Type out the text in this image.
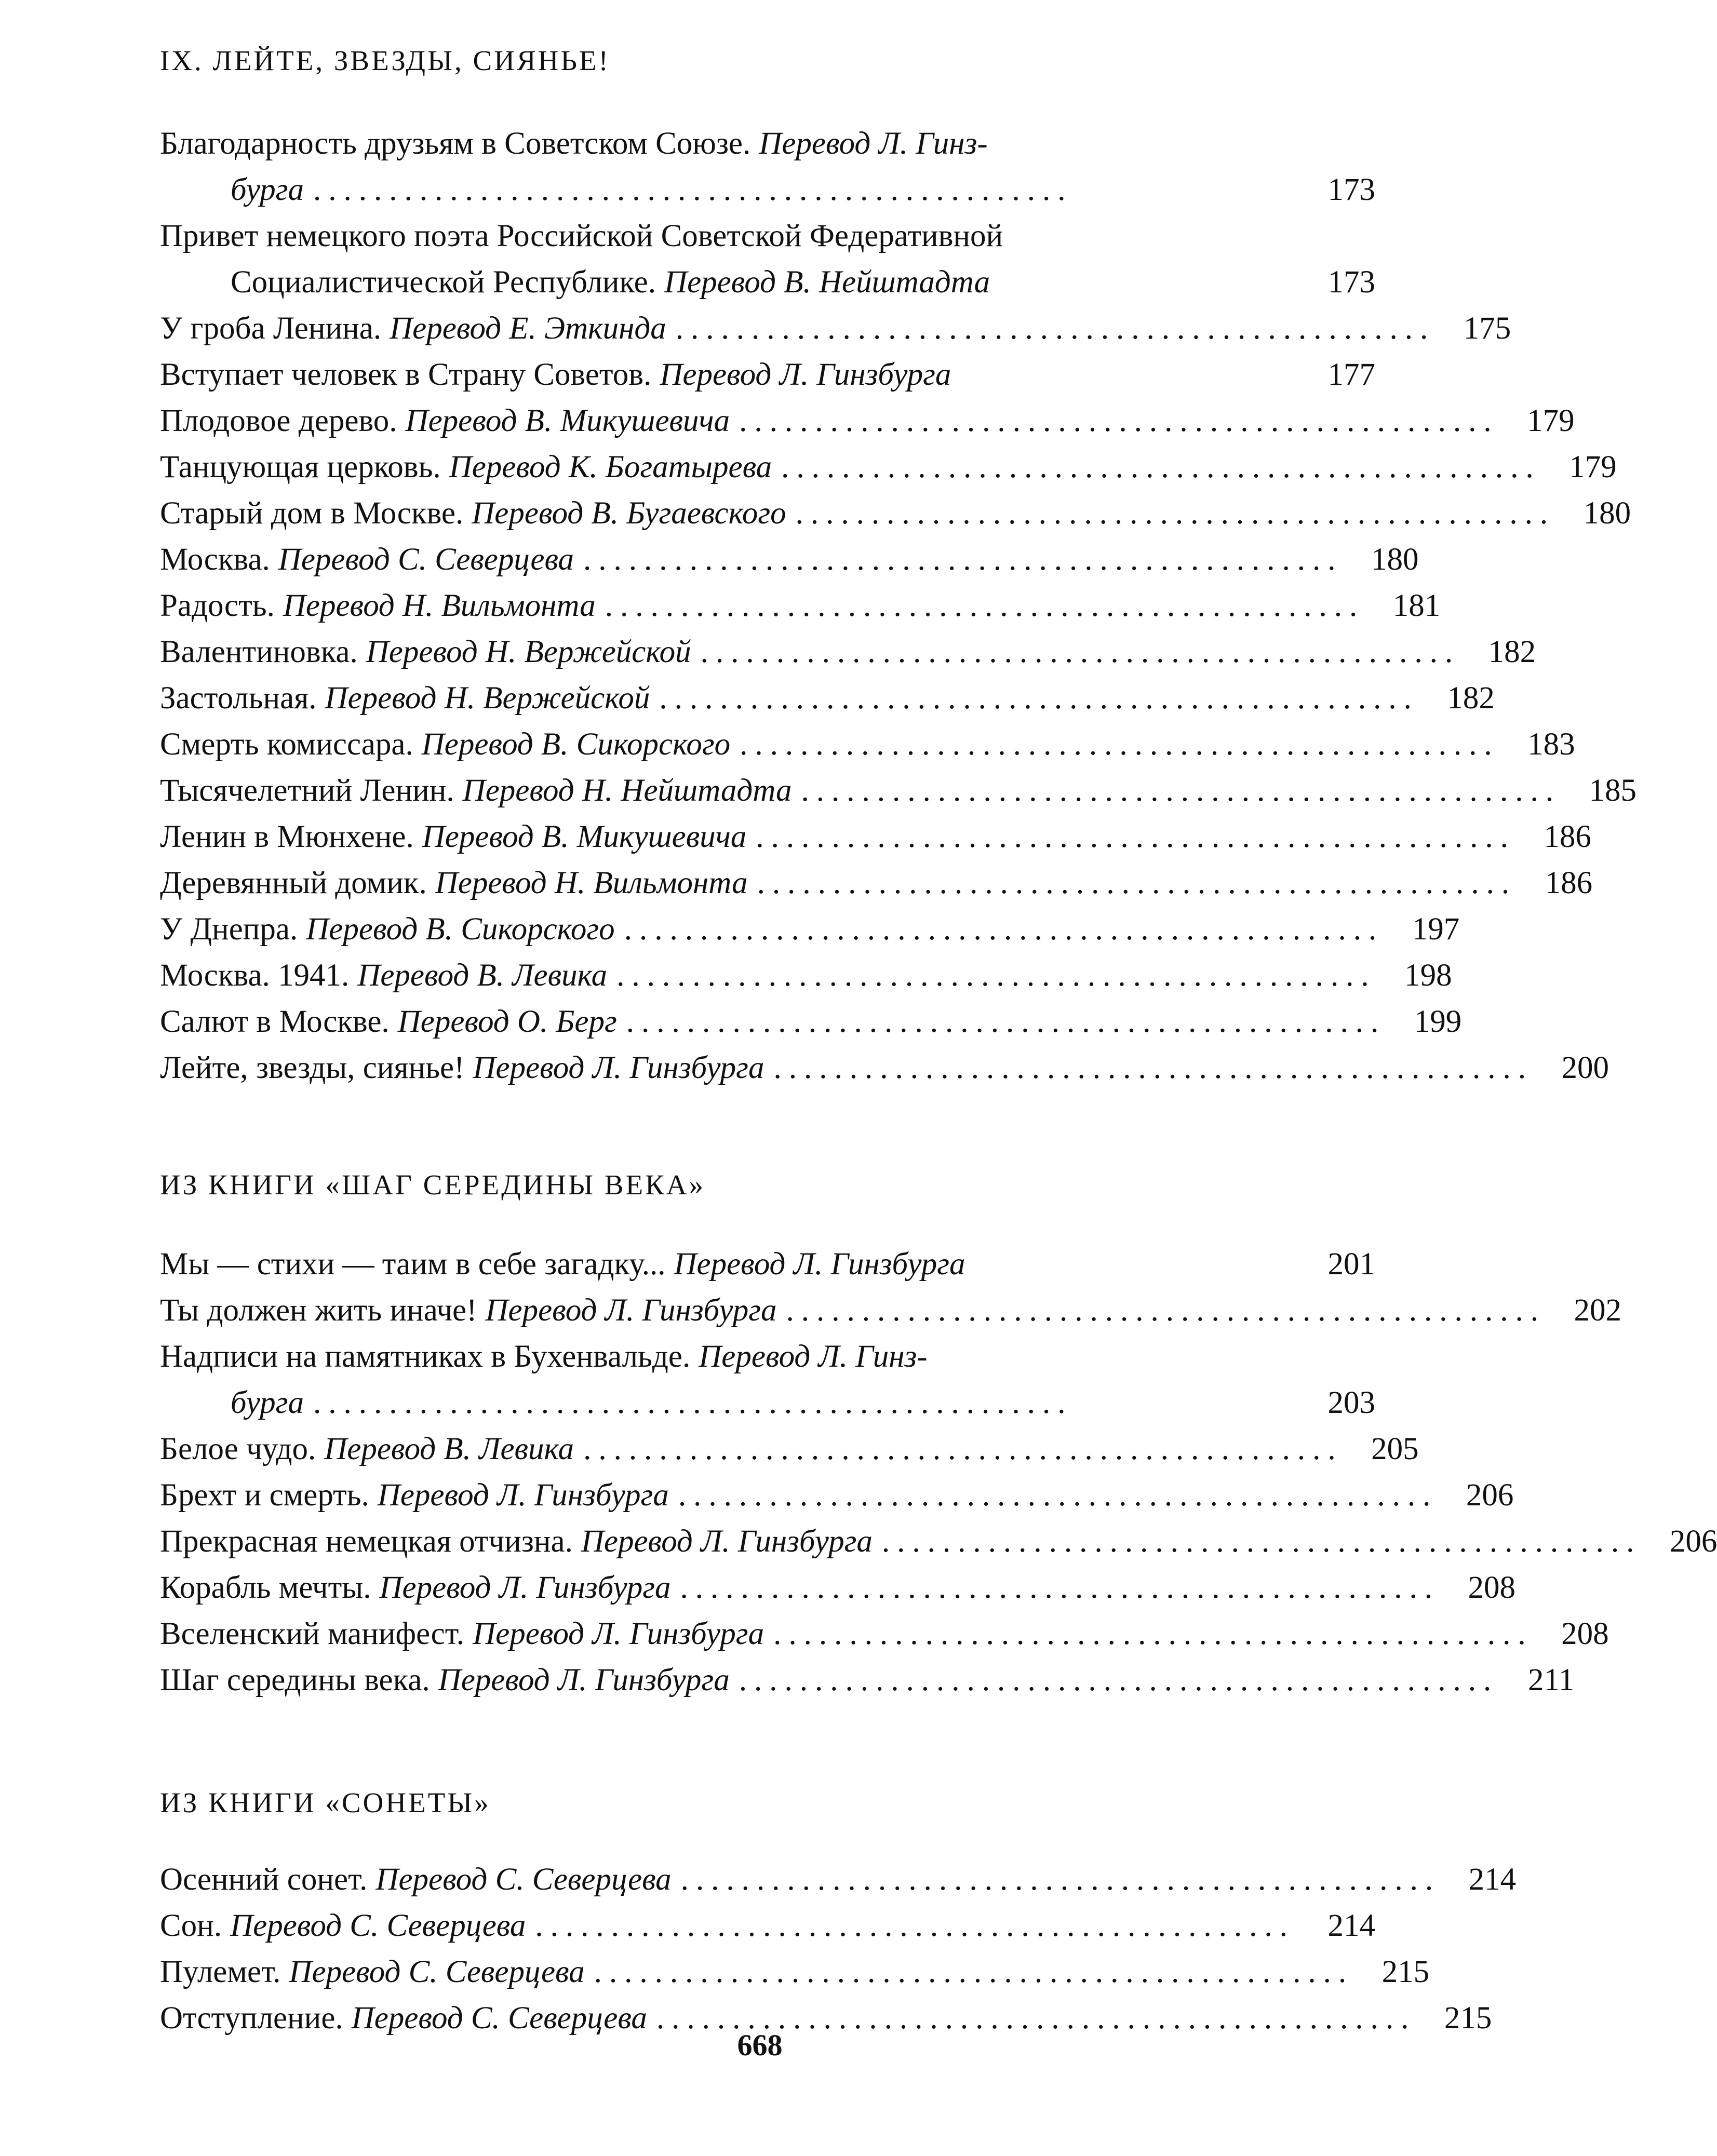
IX. ЛЕЙТЕ, ЗВЕЗДЫ, СИЯНЬЕ!
Благодарность друзьям в Советском Союзе. Перевод Л. Гинз-
бурга ..................................................	173
Привет немецкого поэта Российской Советской Федеративной
Социалистической Республике. Перевод В. Нейштадта	173
У гроба Ленина. Перевод Е. Эткинда .................................................. 175
Вступает человек в Страну Советов. Перевод Л. Гинзбурга	177
Плодовое дерево. Перевод В. Микушевича .................................................. 179
Танцующая церковь. Перевод К. Богатырева .................................................. 179
Старый дом в Москве. Перевод В. Бугаевского .................................................. 180
Москва. Перевод С. Северцева .................................................. 180
Радость. Перевод Н. Вильмонта .................................................. 181
Валентиновка. Перевод Н. Вержейской .................................................. 182
Застольная. Перевод Н. Вержейской .................................................. 182
Смерть комиссара. Перевод В. Сикорского .................................................. 183
Тысячелетний Ленин. Перевод Н. Нейштадта .................................................. 185
Ленин в Мюнхене. Перевод В. Микушевича .................................................. 186
Деревянный домик. Перевод Н. Вильмонта .................................................. 186
У Днепра. Перевод В. Сикорского .................................................. 197
Москва. 1941. Перевод В. Левика .................................................. 198
Салют в Москве. Перевод О. Берг .................................................. 199
Лейте, звезды, сиянье! Перевод Л. Гинзбурга .................................................. 200
ИЗ КНИГИ «ШАГ СЕРЕДИНЫ ВЕКА»
Мы — стихи — таим в себе загадку... Перевод Л. Гинзбурга	201
Ты должен жить иначе! Перевод Л. Гинзбурга .................................................. 202
Надписи на памятниках в Бухенвальде. Перевод Л. Гинз-
бурга ..................................................	203
Белое чудо. Перевод В. Левика .................................................. 205
Брехт и смерть. Перевод Л. Гинзбурга .................................................. 206
Прекрасная немецкая отчизна. Перевод Л. Гинзбурга .................................................. 206
Корабль мечты. Перевод Л. Гинзбурга .................................................. 208
Вселенский манифест. Перевод Л. Гинзбурга .................................................. 208
Шаг середины века. Перевод Л. Гинзбурга .................................................. 211
ИЗ КНИГИ «СОНЕТЫ»
Осенний сонет. Перевод С. Северцева .................................................. 214
Сон. Перевод С. Северцева ..................................................	214
Пулемет. Перевод С. Северцева .................................................. 215
Отступление. Перевод С. Северцева .................................................. 215
668
